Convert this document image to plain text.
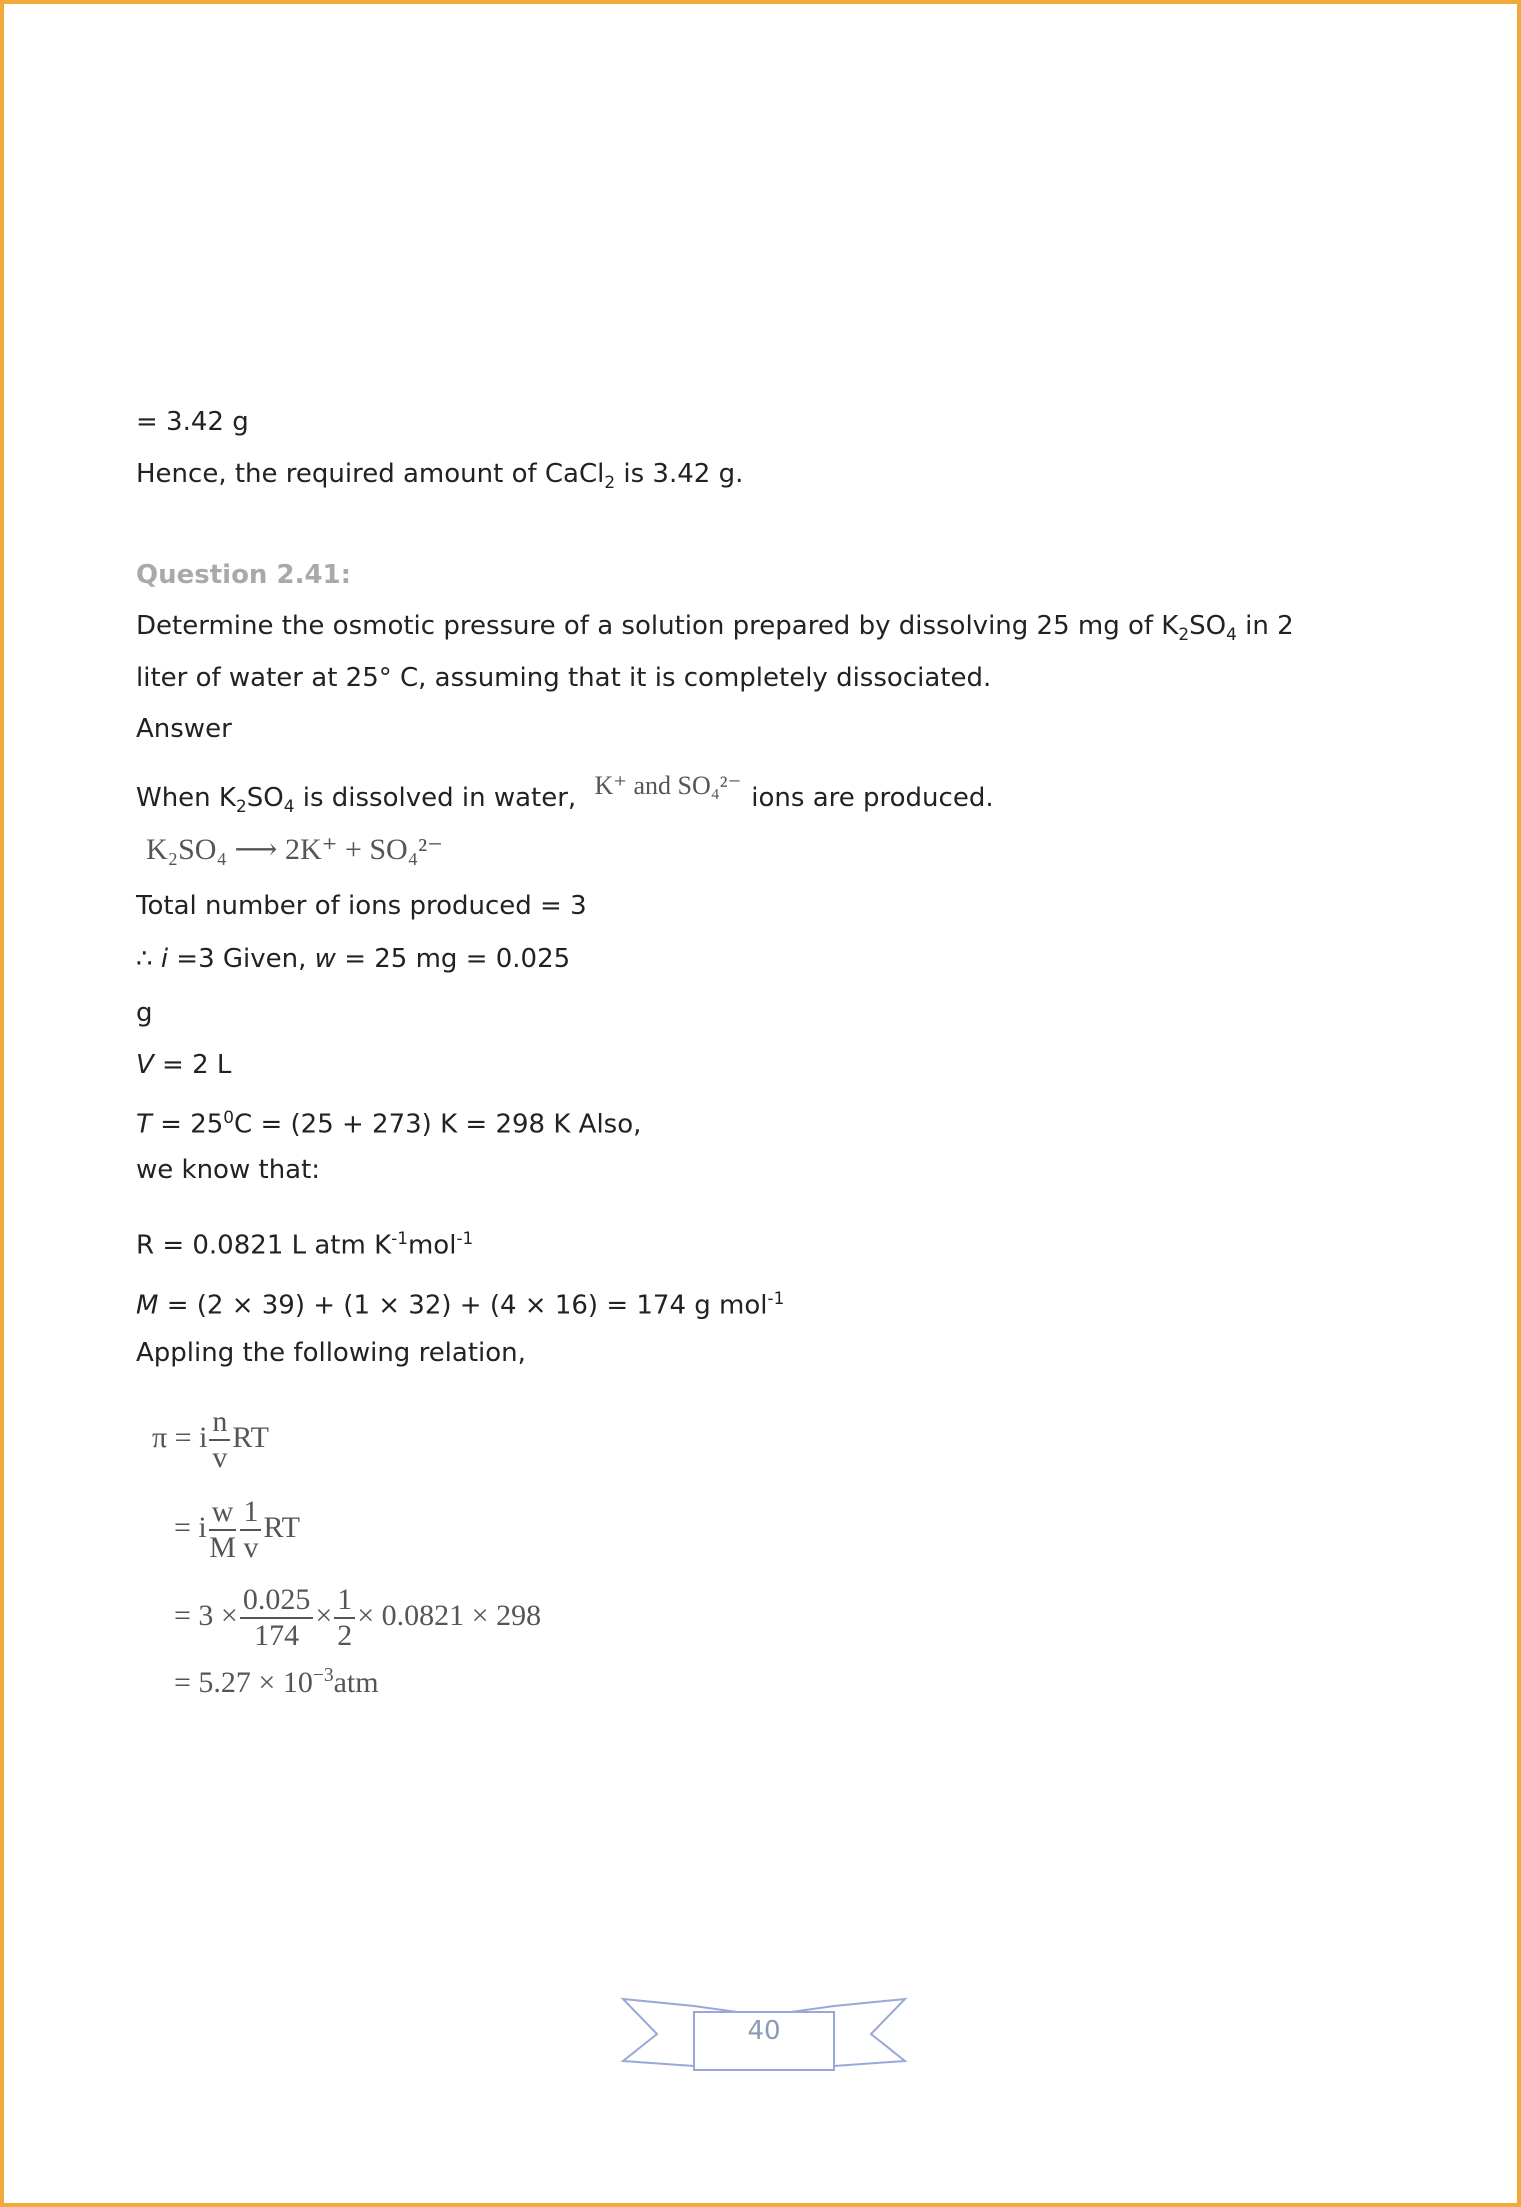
= 3.42 g
Hence, the required amount of CaCl$_2$ is 3.42 g.
Question 2.41:
Determine the osmotic pressure of a solution prepared by dissolving 25 mg of $K_2SO_4$ in 2
liter of water at 25° C, assuming that it is completely dissociated.
Answer
When $K_2SO_4$ is dissolved in water, K⁺ and SO₄²⁻ ions are produced.
K₂SO₄ ⟶ 2K⁺ + SO₄²⁻
Total number of ions produced = 3
∴ i =3 Given, w = 25 mg = 0.025
g
V = 2 L
$T = 25^0C = (25 + 273) K = 298$ K Also,
we know that:
R = 0.0821 L atm $K^{-1}mol^{-1}$
M = (2 × 39) + (1 × 32) + (4 × 16) = 174 g mol$^{-1}$
Appling the following relation,
π = i $\frac{n}{v}$ RT
= i $\frac{w}{M} \frac{1}{v}$ RT
= $3 \times \frac{0.025}{174} \times \frac{1}{2} \times 0.0821 \times 298$
= $5.27 \times 10^{-3}atm$
40
